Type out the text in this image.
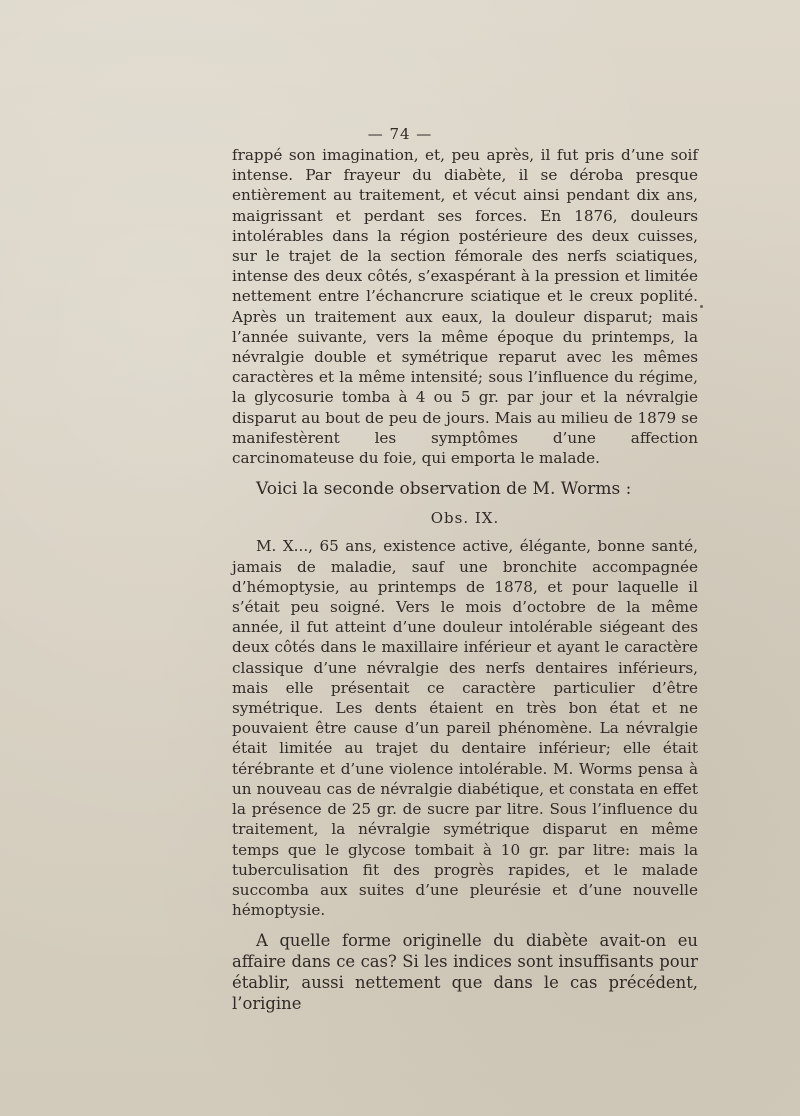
— 74 —

frappé son imagination, et, peu après, il fut pris d’une soif intense. Par frayeur du diabète, il se déroba presque entièrement au traitement, et vécut ainsi pendant dix ans, maigrissant et perdant ses forces. En 1876, douleurs intolérables dans la région postérieure des deux cuisses, sur le trajet de la section fémorale des nerfs sciatiques, intense des deux côtés, s’exaspérant à la pression et limitée nettement entre l’échancrure sciatique et le creux poplité. Après un traitement aux eaux, la douleur disparut; mais l’année suivante, vers la même époque du printemps, la névralgie double et symétrique reparut avec les mêmes caractères et la même intensité; sous l’influence du régime, la glycosurie tomba à 4 ou 5 gr. par jour et la névralgie disparut au bout de peu de jours. Mais au milieu de 1879 se manifestèrent les symptômes d’une affection carcinomateuse du foie, qui emporta le malade.

Voici la seconde observation de M. Worms :

Obs. IX.

M. X..., 65 ans, existence active, élégante, bonne santé, jamais de maladie, sauf une bronchite accompagnée d’hémoptysie, au printemps de 1878, et pour laquelle il s’était peu soigné. Vers le mois d’octobre de la même année, il fut atteint d’une douleur intolérable siégeant des deux côtés dans le maxillaire inférieur et ayant le caractère classique d’une névralgie des nerfs dentaires inférieurs, mais elle présentait ce caractère particulier d’être symétrique. Les dents étaient en très bon état et ne pouvaient être cause d’un pareil phénomène. La névralgie était limitée au trajet du dentaire inférieur; elle était térébrante et d’une violence intolérable. M. Worms pensa à un nouveau cas de névralgie diabétique, et constata en effet la présence de 25 gr. de sucre par litre. Sous l’influence du traitement, la névralgie symétrique disparut en même temps que le glycose tombait à 10 gr. par litre: mais la tuberculisation fit des progrès rapides, et le malade succomba aux suites d’une pleurésie et d’une nouvelle hémoptysie.

A quelle forme originelle du diabète avait-on eu affaire dans ce cas? Si les indices sont insuffisants pour établir, aussi nettement que dans le cas précédent, l’origine
